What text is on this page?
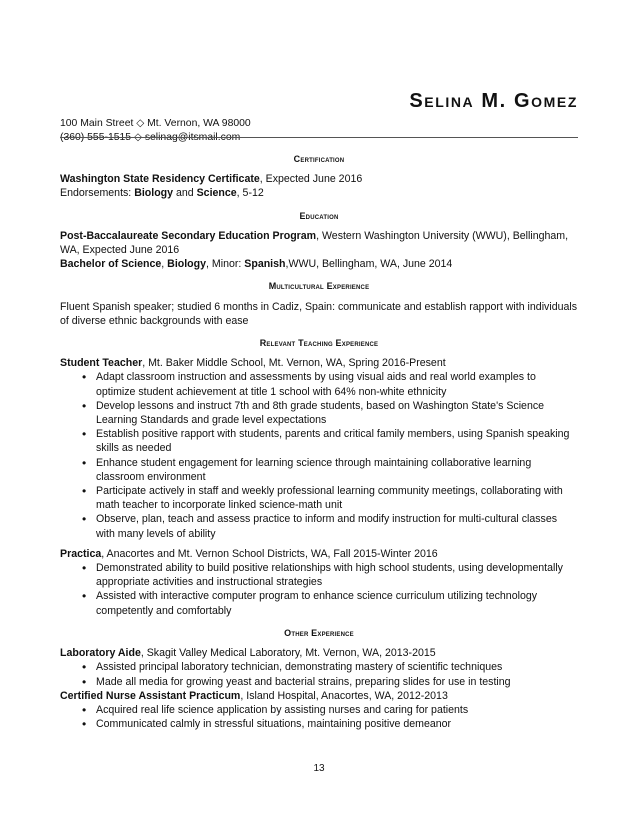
Selina M. Gomez
100 Main Street ◇ Mt. Vernon, WA 98000
(360) 555-1515 ◇ selinag@itsmail.com
Certification

Washington State Residency Certificate, Expected June 2016

Endorsements: Biology and Science, 5-12

Education

Post-Baccalaureate Secondary Education Program, Western Washington University (WWU), Bellingham, WA, Expected June 2016

Bachelor of Science, Biology, Minor: Spanish,WWU, Bellingham, WA, June 2014

Multicultural Experience

Fluent Spanish speaker; studied 6 months in Cadiz, Spain: communicate and establish rapport with individuals of diverse ethnic backgrounds with ease

Relevant Teaching Experience

Student Teacher, Mt. Baker Middle School, Mt. Vernon, WA, Spring 2016-Present

• Adapt classroom instruction and assessments by using visual aids and real world examples to optimize student achievement at title 1 school with 64% non-white ethnicity
• Develop lessons and instruct 7th and 8th grade students, based on Washington State's Science Learning Standards and grade level expectations
• Establish positive rapport with students, parents and critical family members, using Spanish speaking skills as needed
• Enhance student engagement for learning science through maintaining collaborative learning classroom environment
• Participate actively in staff and weekly professional learning community meetings, collaborating with math teacher to incorporate linked science-math unit
• Observe, plan, teach and assess practice to inform and modify instruction for multi-cultural classes with many levels of ability

Practica, Anacortes and Mt. Vernon School Districts, WA, Fall 2015-Winter 2016

• Demonstrated ability to build positive relationships with high school students, using developmentally appropriate activities and instructional strategies
• Assisted with interactive computer program to enhance science curriculum utilizing technology competently and comfortably
Other Experience

Laboratory Aide, Skagit Valley Medical Laboratory, Mt. Vernon, WA, 2013-2015

• Assisted principal laboratory technician, demonstrating mastery of scientific techniques
• Made all media for growing yeast and bacterial strains, preparing slides for use in testing

Certified Nurse Assistant Practicum, Island Hospital, Anacortes, WA, 2012-2013

• Acquired real life science application by assisting nurses and caring for patients
• Communicated calmly in stressful situations, maintaining positive demeanor
13
